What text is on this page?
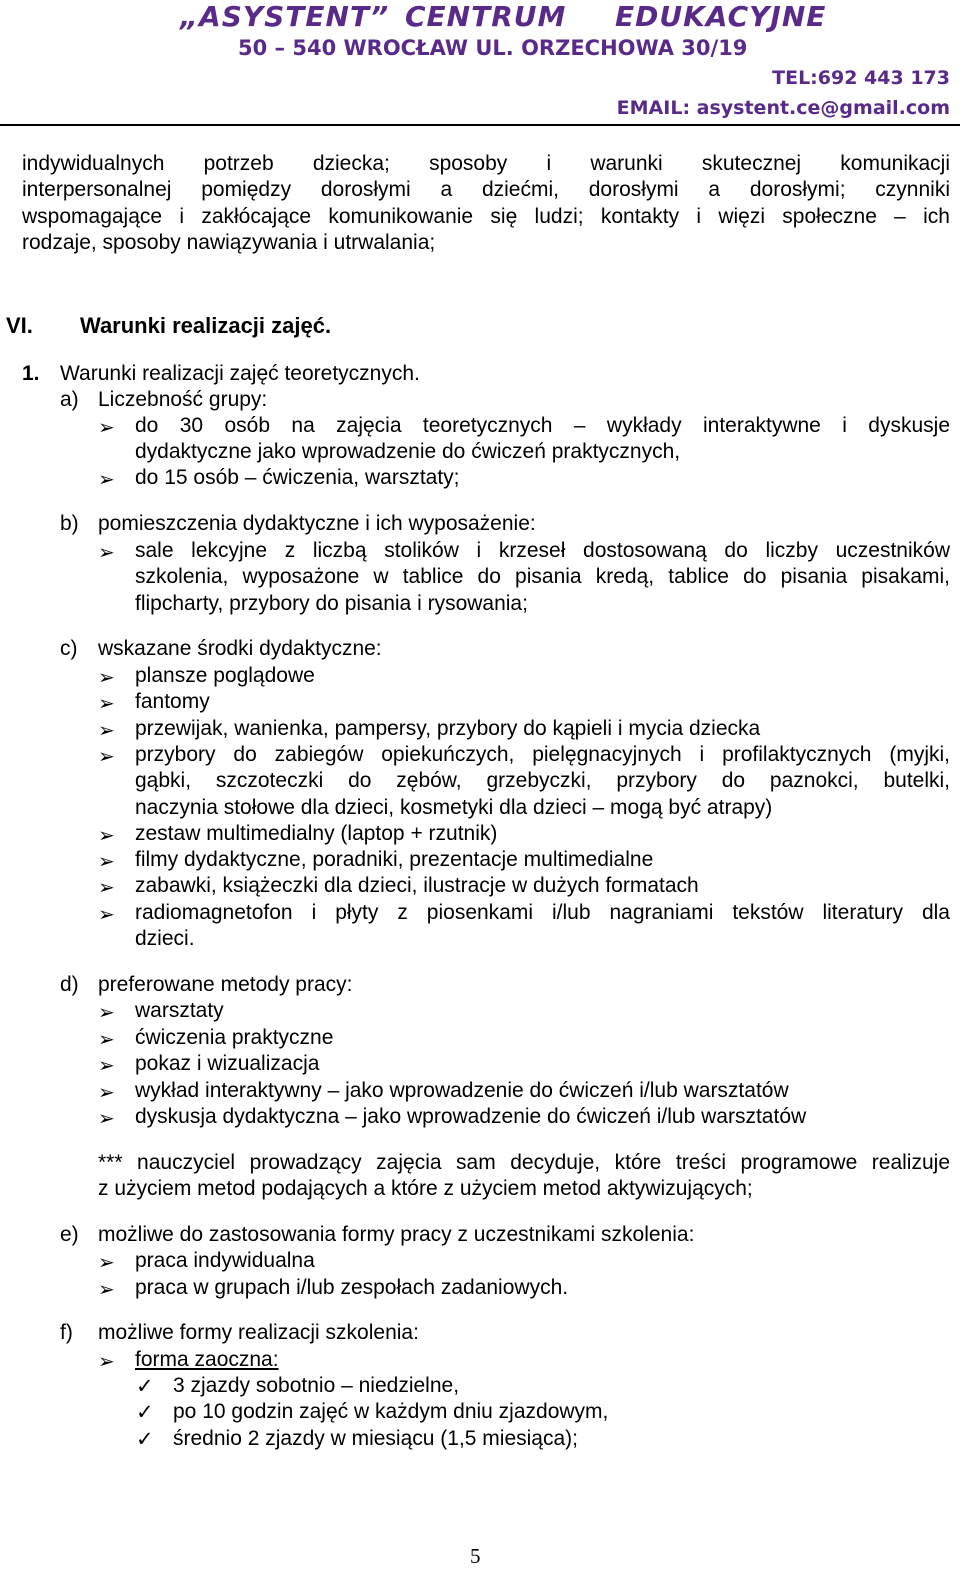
„ASYSTENT” CENTRUM EDUKACYJNE
50 – 540 WROCŁAW UL. ORZECHOWA 30/19
TEL:692 443 173
EMAIL: asystent.ce@gmail.com
indywidualnych potrzeb dziecka; sposoby i warunki skutecznej komunikacji
interpersonalnej pomiędzy dorosłymi a dziećmi, dorosłymi a dorosłymi; czynniki
wspomagające i zakłócające komunikowanie się ludzi; kontakty i więzi społeczne – ich
rodzaje, sposoby nawiązywania i utrwalania;
VI. Warunki realizacji zajęć.
1. Warunki realizacji zajęć teoretycznych.
a) Liczebność grupy:
➢ do 30 osób na zajęcia teoretycznych – wykłady interaktywne i dyskusje
dydaktyczne jako wprowadzenie do ćwiczeń praktycznych,
➢ do 15 osób – ćwiczenia, warsztaty;
b) pomieszczenia dydaktyczne i ich wyposażenie:
➢ sale lekcyjne z liczbą stolików i krzeseł dostosowaną do liczby uczestników
szkolenia, wyposażone w tablice do pisania kredą, tablice do pisania pisakami,
flipcharty, przybory do pisania i rysowania;
c) wskazane środki dydaktyczne:
➢ plansze poglądowe
➢ fantomy
➢ przewijak, wanienka, pampersy, przybory do kąpieli i mycia dziecka
➢ przybory do zabiegów opiekuńczych, pielęgnacyjnych i profilaktycznych (myjki,
gąbki, szczoteczki do zębów, grzebyczki, przybory do paznokci, butelki,
naczynia stołowe dla dzieci, kosmetyki dla dzieci – mogą być atrapy)
➢ zestaw multimedialny (laptop + rzutnik)
➢ filmy dydaktyczne, poradniki, prezentacje multimedialne
➢ zabawki, książeczki dla dzieci, ilustracje w dużych formatach
➢ radiomagnetofon i płyty z piosenkami i/lub nagraniami tekstów literatury dla
dzieci.
d) preferowane metody pracy:
➢ warsztaty
➢ ćwiczenia praktyczne
➢ pokaz i wizualizacja
➢ wykład interaktywny – jako wprowadzenie do ćwiczeń i/lub warsztatów
➢ dyskusja dydaktyczna – jako wprowadzenie do ćwiczeń i/lub warsztatów
*** nauczyciel prowadzący zajęcia sam decyduje, które treści programowe realizuje
z użyciem metod podających a które z użyciem metod aktywizujących;
e) możliwe do zastosowania formy pracy z uczestnikami szkolenia:
➢ praca indywidualna
➢ praca w grupach i/lub zespołach zadaniowych.
f) możliwe formy realizacji szkolenia:
➢ forma zaoczna:
✓ 3 zjazdy sobotnio – niedzielne,
✓ po 10 godzin zajęć w każdym dniu zjazdowym,
✓ średnio 2 zjazdy w miesiącu (1,5 miesiąca);
5
